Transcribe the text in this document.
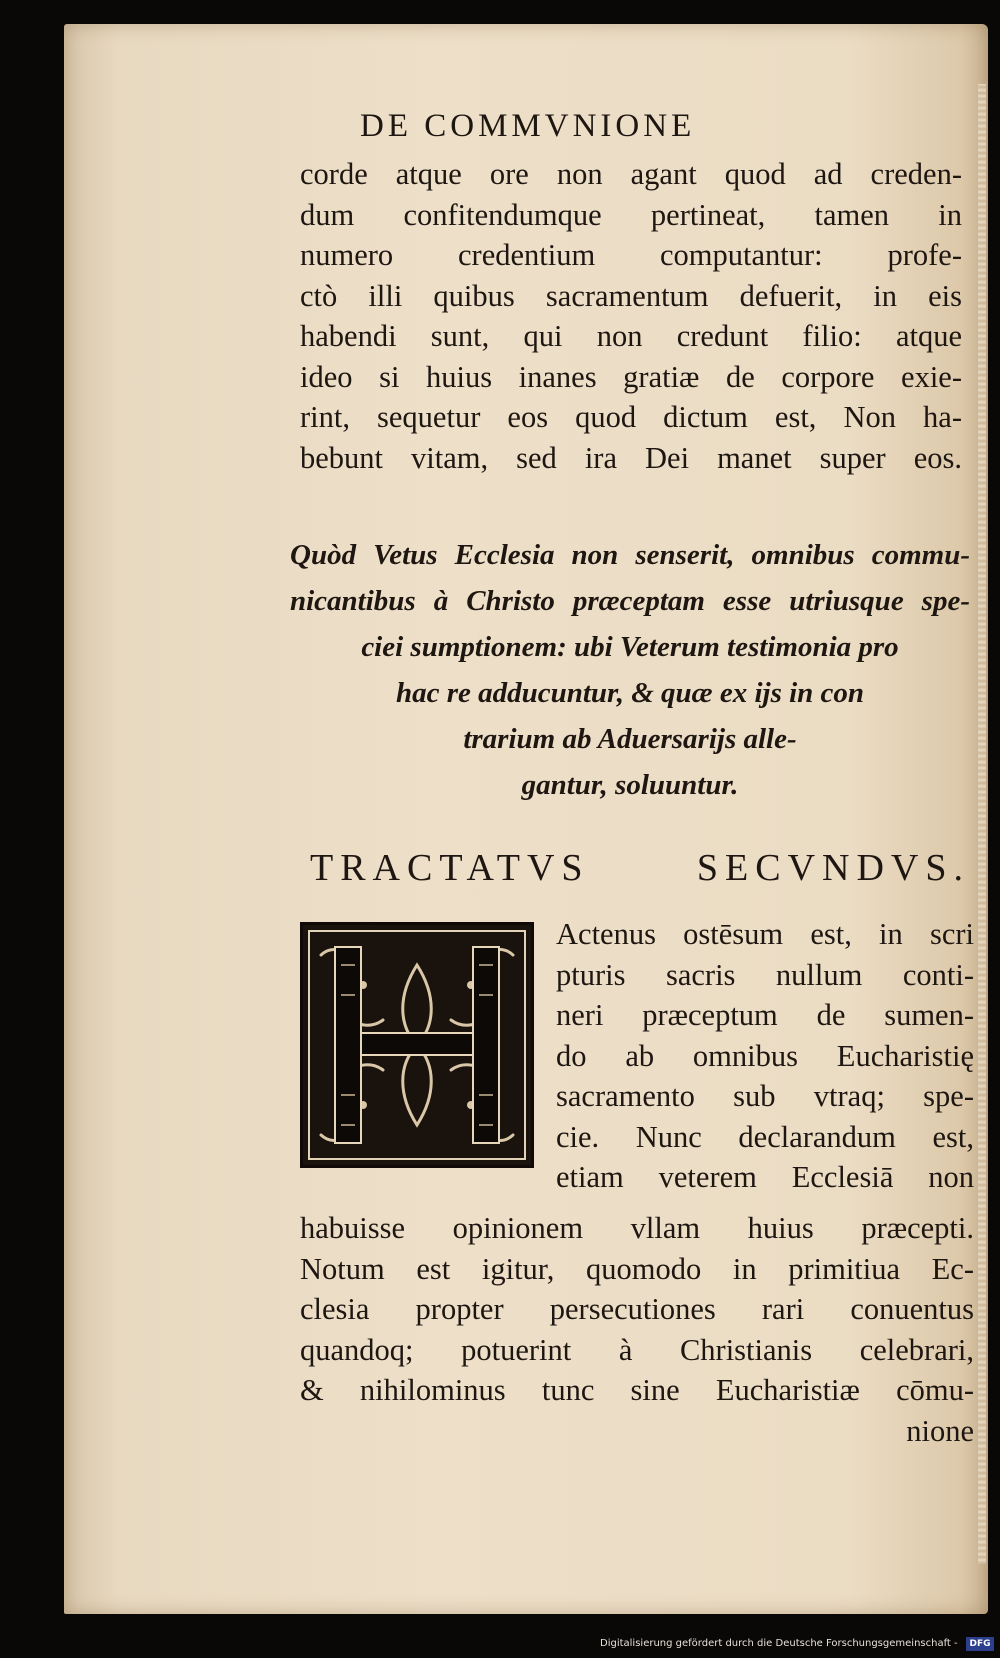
DE COMMVNIONE
corde atque ore non agant quod ad creden-
dum confitendumque pertineat, tamen in
numero credentium computantur: profe-
ctò illi quibus sacramentum defuerit, in eis
habendi sunt, qui non credunt filio: atque
ideo si huius inanes gratiæ de corpore exie-
rint, sequetur eos quod dictum est, Non ha-
bebunt vitam, sed ira Dei manet super eos.
Quòd Vetus Ecclesia non senserit, omnibus commu-
nicantibus à Christo præceptam esse utriusque spe-
ciei sumptionem: ubi Veterum testimonia pro
hac re adducuntur, & quæ ex ijs in con
trarium ab Aduersarijs alle-
gantur, soluuntur.
TRACTATVS SECVNDVS.
Actenus ostēsum est, in scri
pturis sacris nullum conti-
neri præceptum de sumen-
do ab omnibus Eucharistię
sacramento sub vtraq; spe-
cie. Nunc declarandum est,
etiam veterem Ecclesiā non
habuisse opinionem vllam huius præcepti.
Notum est igitur, quomodo in primitiua Ec-
clesia propter persecutiones rari conuentus
quandoq; potuerint à Christianis celebrari,
& nihilominus tunc sine Eucharistiæ cōmu-
nione
Digitalisierung gefördert durch die Deutsche Forschungsgemeinschaft -	DFG
